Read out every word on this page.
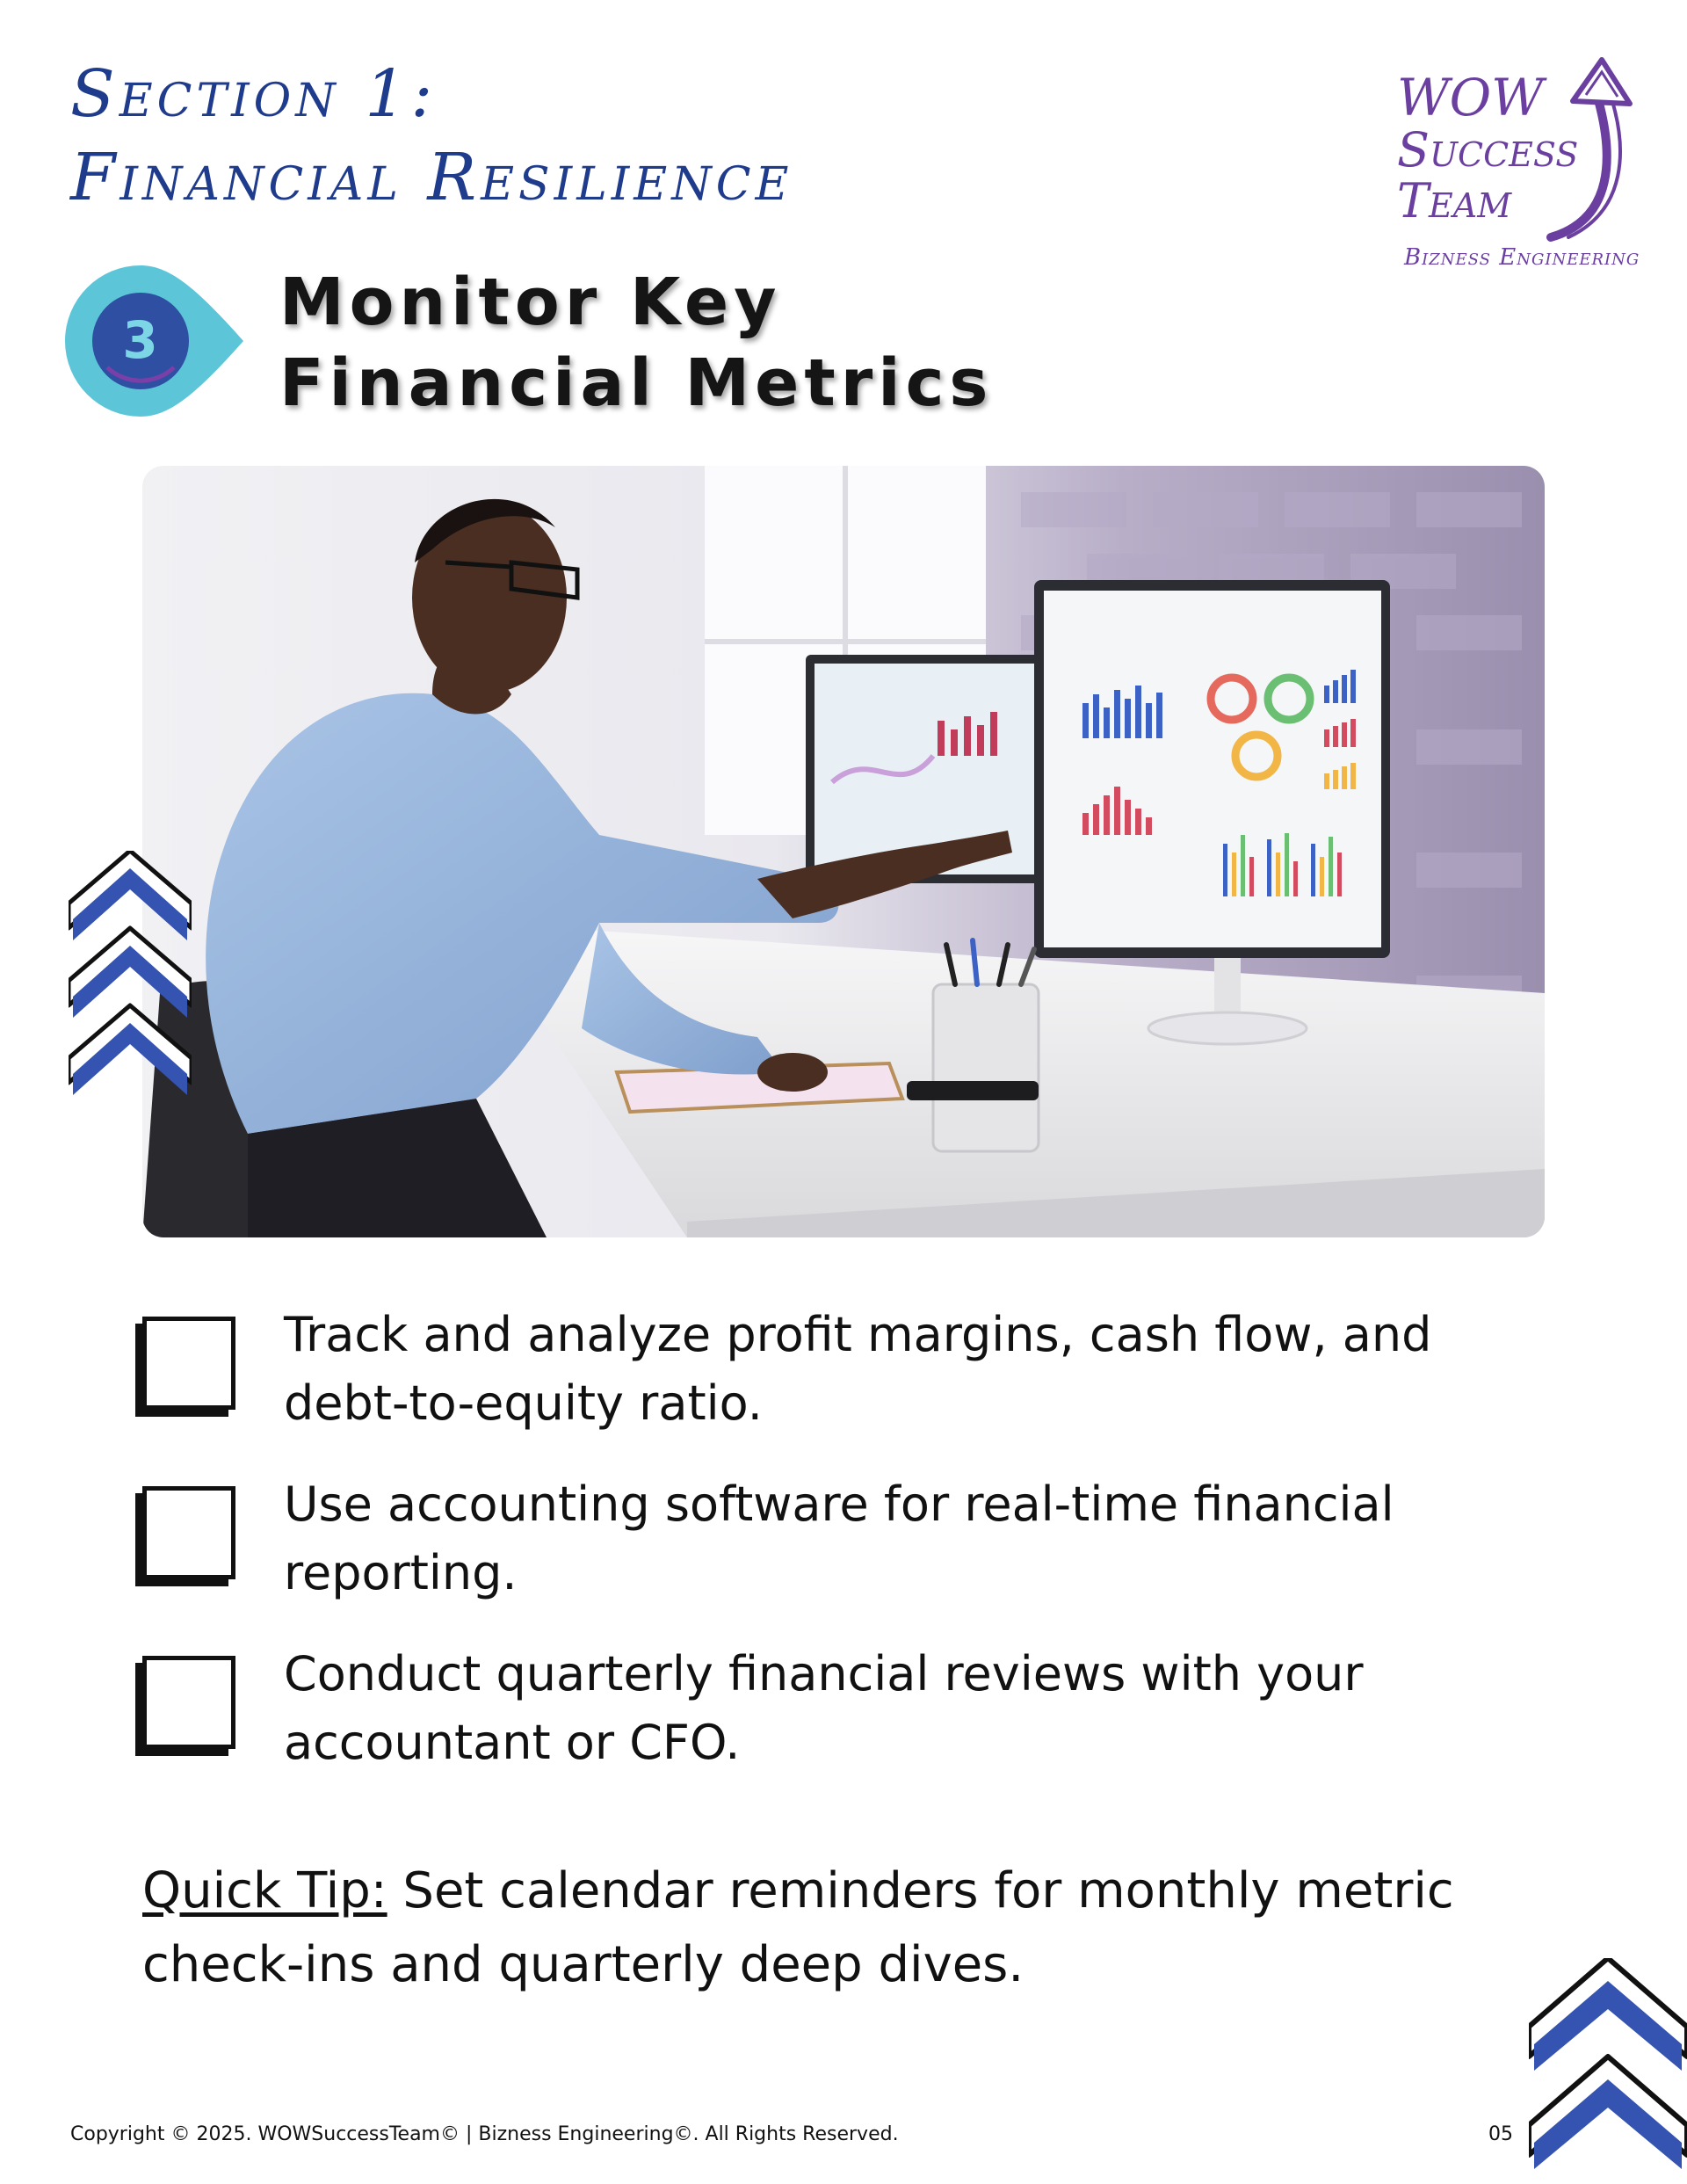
Section 1:
Financial Resilience
WOW
Success
Team
Bizness Engineering
3	Monitor Key
Financial Metrics
Track and analyze profit margins, cash flow, and debt-to-equity ratio.
Use accounting software for real-time financial reporting.
Conduct quarterly financial reviews with your accountant or CFO.

Quick Tip: Set calendar reminders for monthly metric check-ins and quarterly deep dives.

Copyright © 2025. WOWSuccessTeam© | Bizness Engineering©. All Rights Reserved.	05
